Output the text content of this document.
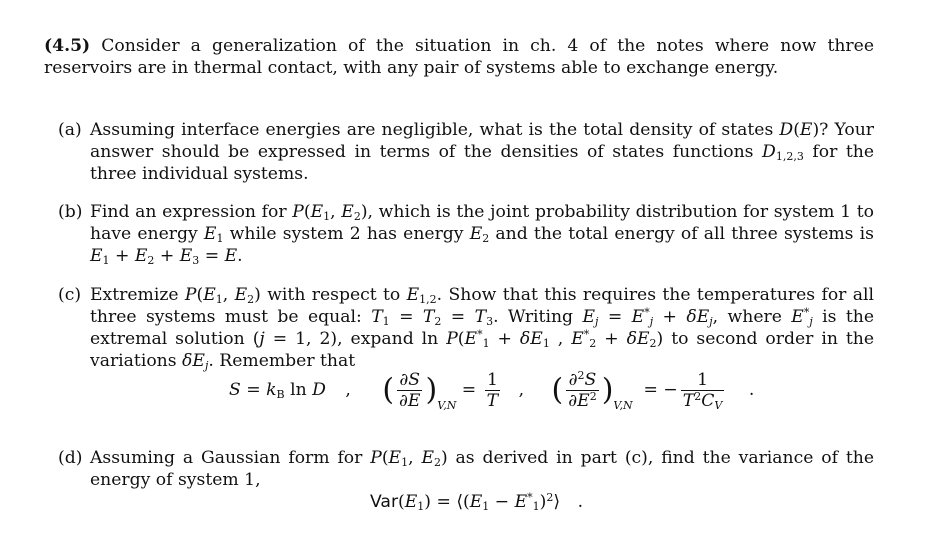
(4.5) Consider a generalization of the situation in ch. 4 of the notes where now three reservoirs are in thermal contact, with any pair of systems able to exchange energy.
(a) Assuming interface energies are negligible, what is the total density of states D(E)? Your answer should be expressed in terms of the densities of states functions $D_{1,2,3}$ for the three individual systems.
(b) Find an expression for $P(E_1$, $E_2$), which is the joint probability distribution for system 1 to have energy $E_1$ while system 2 has energy $E_2$ and the total energy of all three systems is $E_1 + E_2 + E_3 = E$.
(c) Extremize $P(E_1$, $E_2$) with respect to $E_{1,2}$. Show that this requires the temperatures for all three systems must be equal: $T_1 = T_2 = T_3$. Writing $E_j = E^*_j + \delta E_j$, where $E^*_j$ is the extremal solution (j = 1, 2), expand $\ln P(E^*_1 + \delta E_1$ , $E^*_2 + \delta E_2$) to second order in the variations $\delta E_j$. Remember that
$S = k_B$ ln D , ( $\frac{\partial S}{\partial E} )_{V,N} = \frac{1}{T}$ , ( $\frac{\partial^2S}{\partial E^2} )_{V,N}$  = − $\frac{1}{T^2C_V}$ .
(d) Assuming a Gaussian form for $P(E_1$, $E_2$) as derived in part (c), find the variance of the energy of system 1,
$Var(E_1)$ = $⟨(E_1$ − $E^*_1)^2⟩$ .
